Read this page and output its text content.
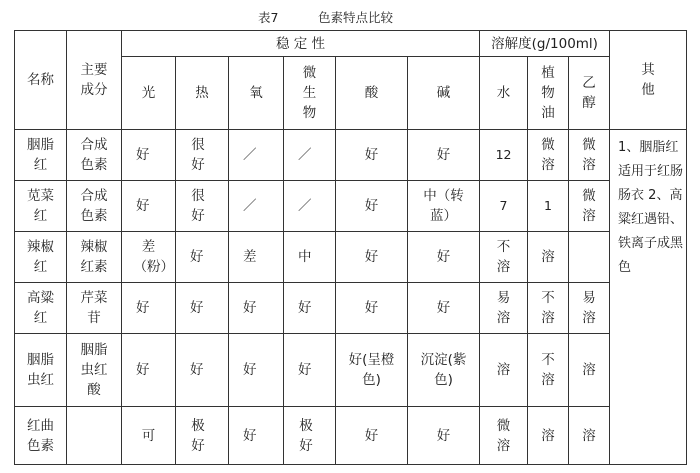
表7	色素特点比较
名称	主要成分	稳 定 性						溶解度(g/100ml)			其他
		光	热	氧	微生物	酸	碱	水	植物油	乙醇	
胭脂红	合成色素	好	很好	／	／	好	好	12	微溶	微溶	1、胭脂红适用于红肠肠衣 2、高粱红遇铅、铁离子成黑色
苋菜红	合成色素	好	很好	／	／	好	中（转蓝）	7	1	微溶	
辣椒红	辣椒红素	差（粉）	好	差	中	好	好	不溶	溶		
高粱红	芹菜苷	好	好	好	好	好	好	易溶	不溶	易溶	
胭脂虫红	胭脂虫红酸	好	好	好	好	好(呈橙色)	沉淀(紫色)	溶	不溶	溶	
红曲色素		可	极好	好	极好	好	好	微溶	溶	溶	
